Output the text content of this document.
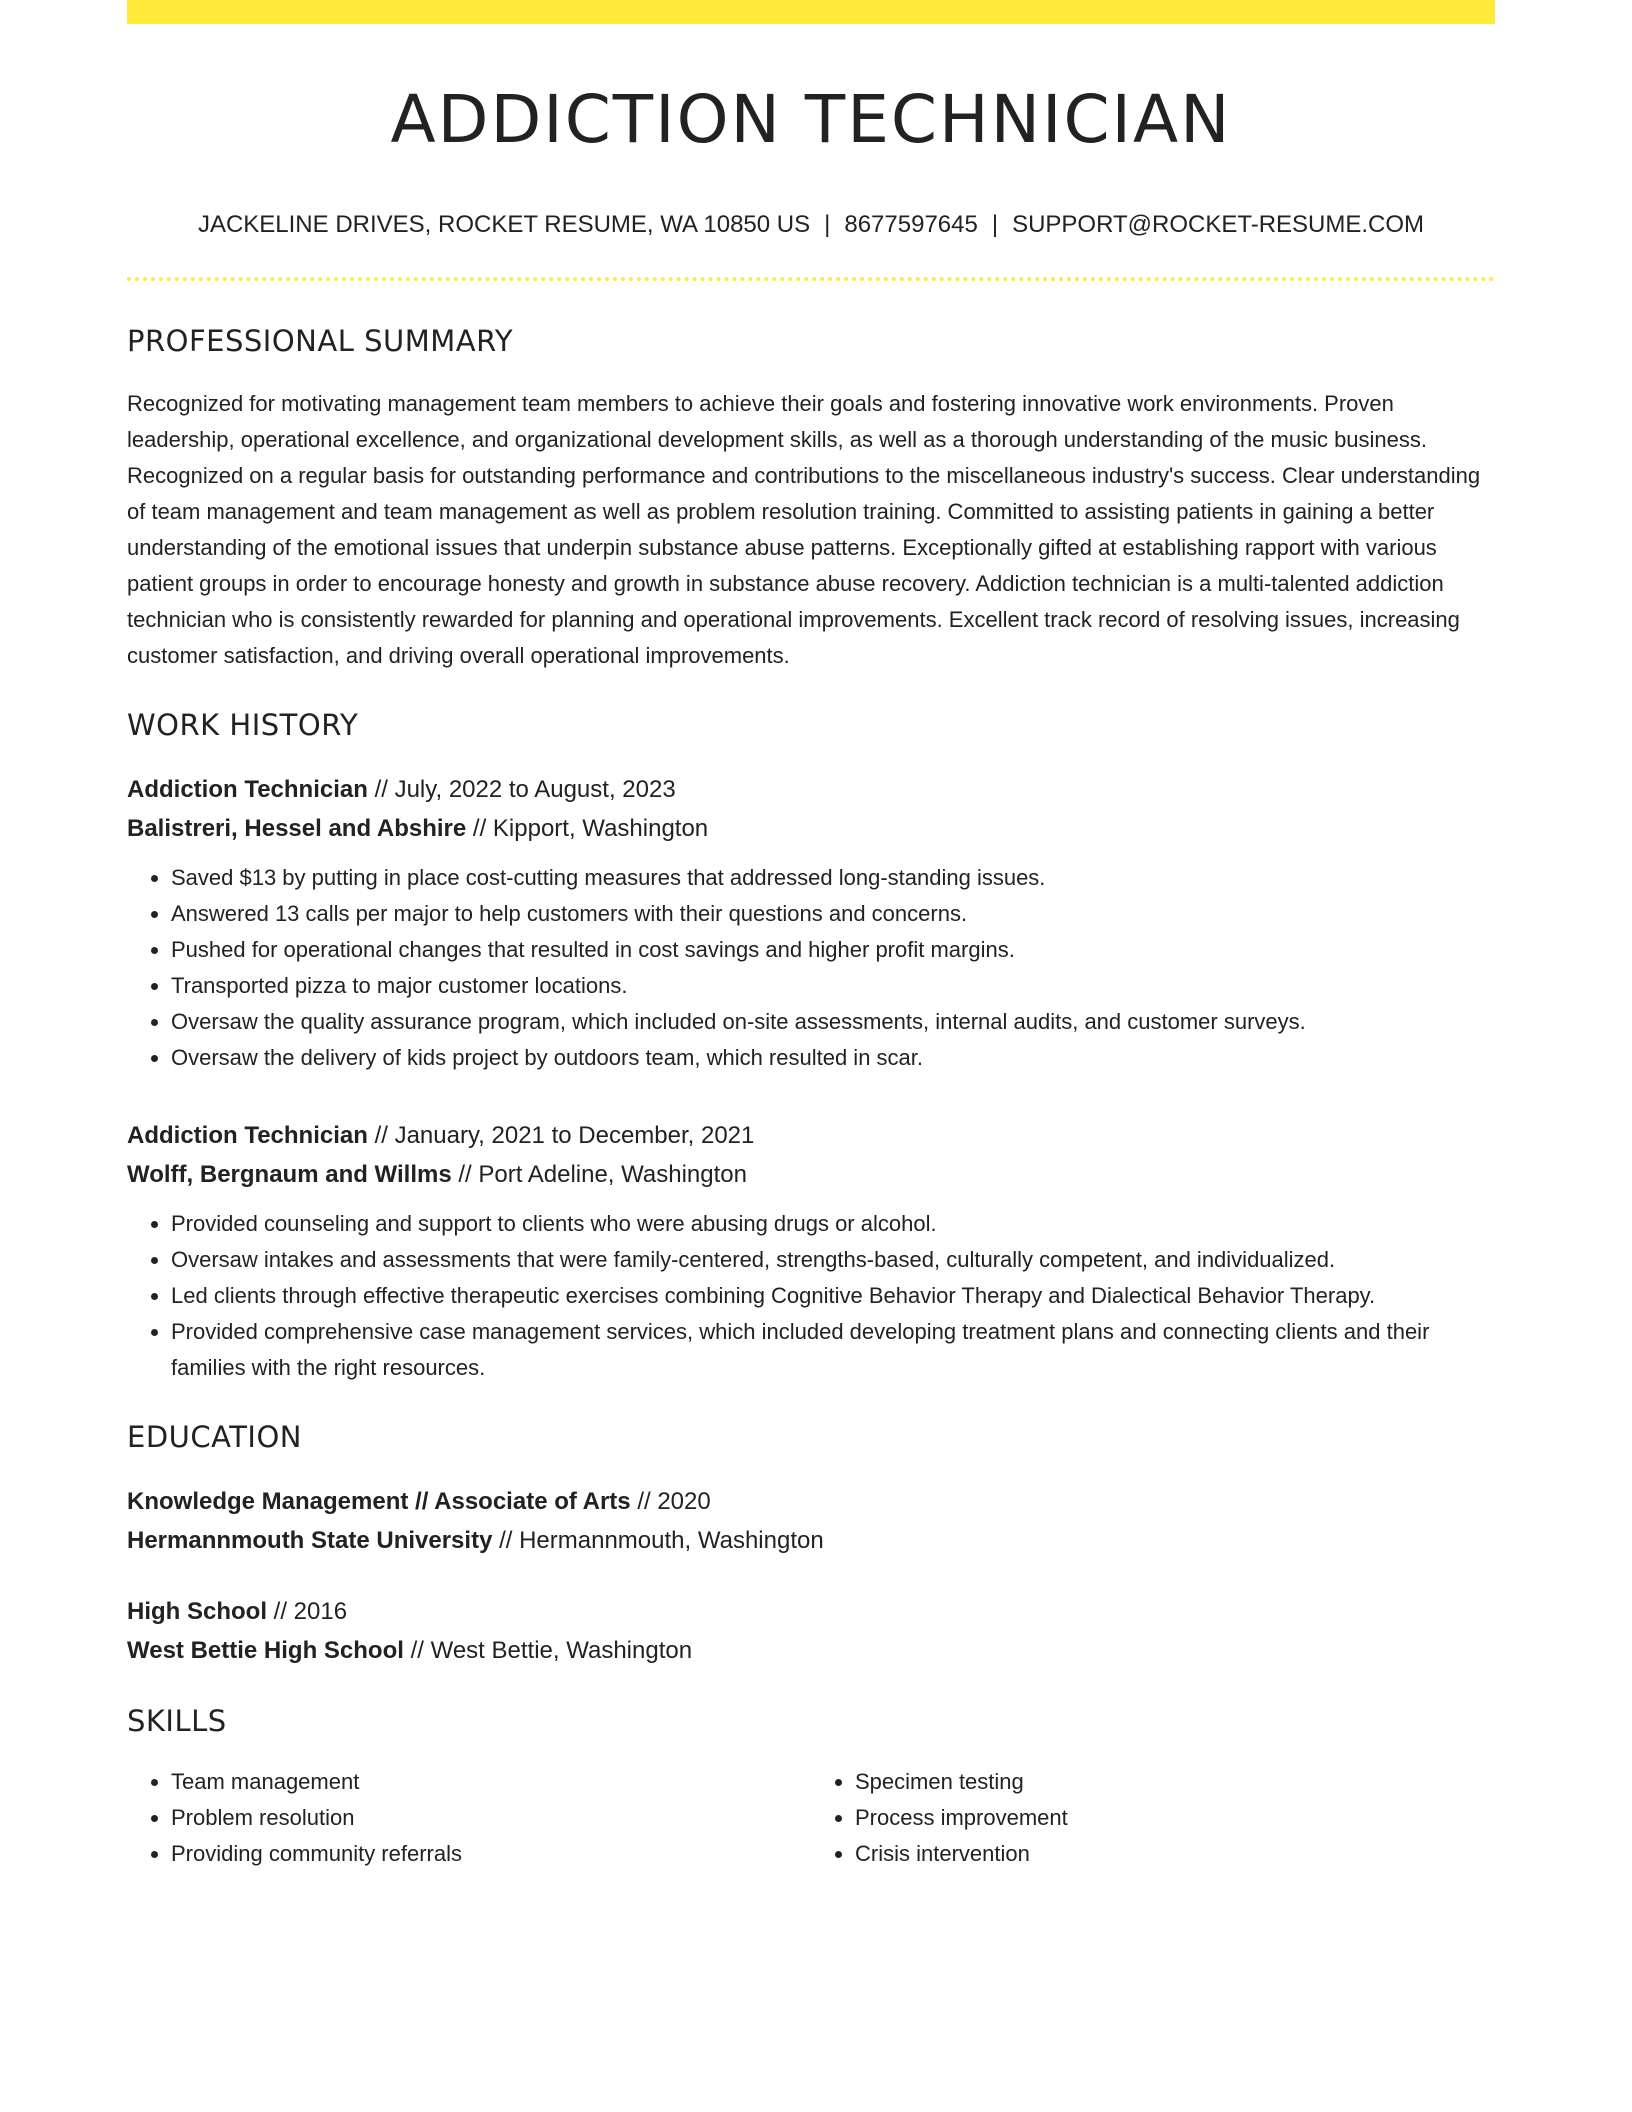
ADDICTION TECHNICIAN
JACKELINE DRIVES, ROCKET RESUME, WA 10850 US | 8677597645 | SUPPORT@ROCKET-RESUME.COM
PROFESSIONAL SUMMARY
Recognized for motivating management team members to achieve their goals and fostering innovative work environments. Proven leadership, operational excellence, and organizational development skills, as well as a thorough understanding of the music business. Recognized on a regular basis for outstanding performance and contributions to the miscellaneous industry's success. Clear understanding of team management and team management as well as problem resolution training. Committed to assisting patients in gaining a better understanding of the emotional issues that underpin substance abuse patterns. Exceptionally gifted at establishing rapport with various patient groups in order to encourage honesty and growth in substance abuse recovery. Addiction technician is a multi-talented addiction technician who is consistently rewarded for planning and operational improvements. Excellent track record of resolving issues, increasing customer satisfaction, and driving overall operational improvements.
WORK HISTORY
Addiction Technician // July, 2022 to August, 2023
Balistreri, Hessel and Abshire // Kipport, Washington
• Saved $13 by putting in place cost-cutting measures that addressed long-standing issues.
• Answered 13 calls per major to help customers with their questions and concerns.
• Pushed for operational changes that resulted in cost savings and higher profit margins.
• Transported pizza to major customer locations.
• Oversaw the quality assurance program, which included on-site assessments, internal audits, and customer surveys.
• Oversaw the delivery of kids project by outdoors team, which resulted in scar.
Addiction Technician // January, 2021 to December, 2021
Wolff, Bergnaum and Willms // Port Adeline, Washington
• Provided counseling and support to clients who were abusing drugs or alcohol.
• Oversaw intakes and assessments that were family-centered, strengths-based, culturally competent, and individualized.
• Led clients through effective therapeutic exercises combining Cognitive Behavior Therapy and Dialectical Behavior Therapy.
• Provided comprehensive case management services, which included developing treatment plans and connecting clients and their families with the right resources.
EDUCATION
Knowledge Management // Associate of Arts // 2020
Hermannmouth State University // Hermannmouth, Washington
High School // 2016
West Bettie High School // West Bettie, Washington
SKILLS
• Team management
• Problem resolution
• Providing community referrals
• Specimen testing
• Process improvement
• Crisis intervention
